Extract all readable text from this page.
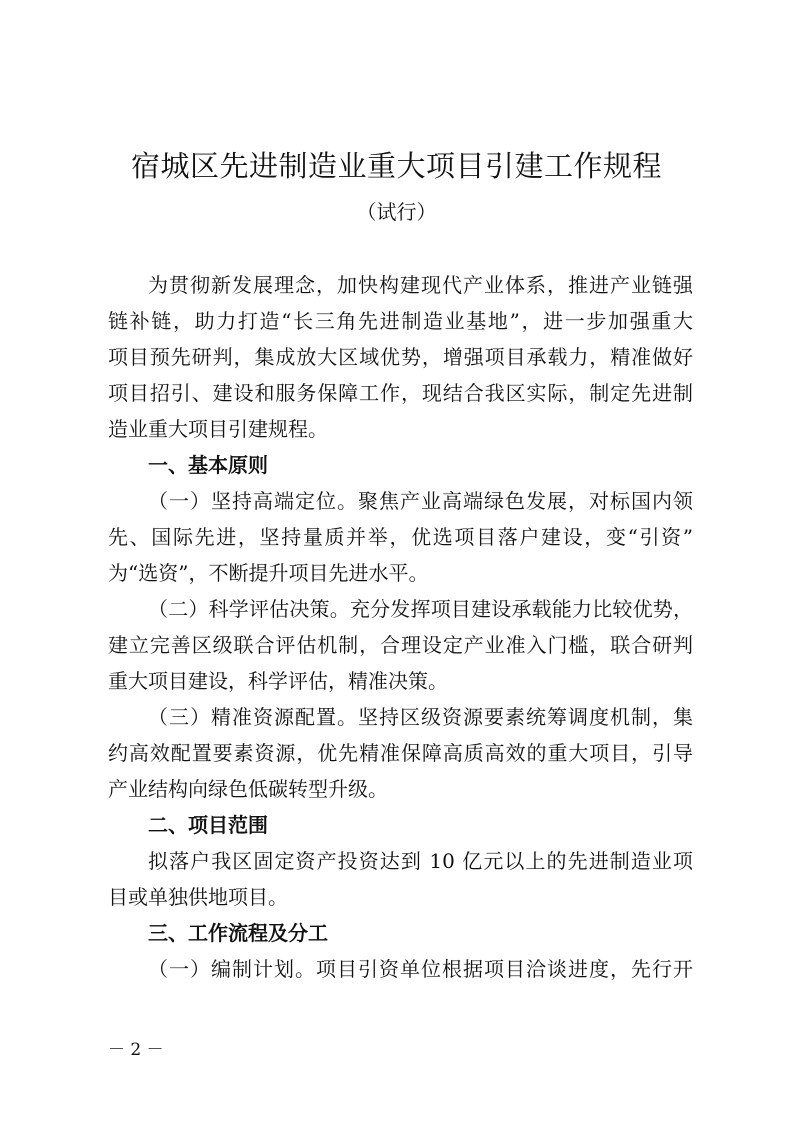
宿城区先进制造业重大项目引建工作规程
（试行）
为贯彻新发展理念，加快构建现代产业体系，推进产业链强
链补链，助力打造“长三角先进制造业基地”，进一步加强重大
项目预先研判，集成放大区域优势，增强项目承载力，精准做好
项目招引、建设和服务保障工作，现结合我区实际，制定先进制
造业重大项目引建规程。
一、基本原则
（一）坚持高端定位。聚焦产业高端绿色发展，对标国内领
先、国际先进，坚持量质并举，优选项目落户建设，变“引资”
为“选资”，不断提升项目先进水平。
（二）科学评估决策。充分发挥项目建设承载能力比较优势，
建立完善区级联合评估机制，合理设定产业准入门槛，联合研判
重大项目建设，科学评估，精准决策。
（三）精准资源配置。坚持区级资源要素统筹调度机制，集
约高效配置要素资源，优先精准保障高质高效的重大项目，引导
产业结构向绿色低碳转型升级。
二、项目范围
拟落户我区固定资产投资达到 10 亿元以上的先进制造业项
目或单独供地项目。
三、工作流程及分工
（一）编制计划。项目引资单位根据项目洽谈进度，先行开
－ 2 －
